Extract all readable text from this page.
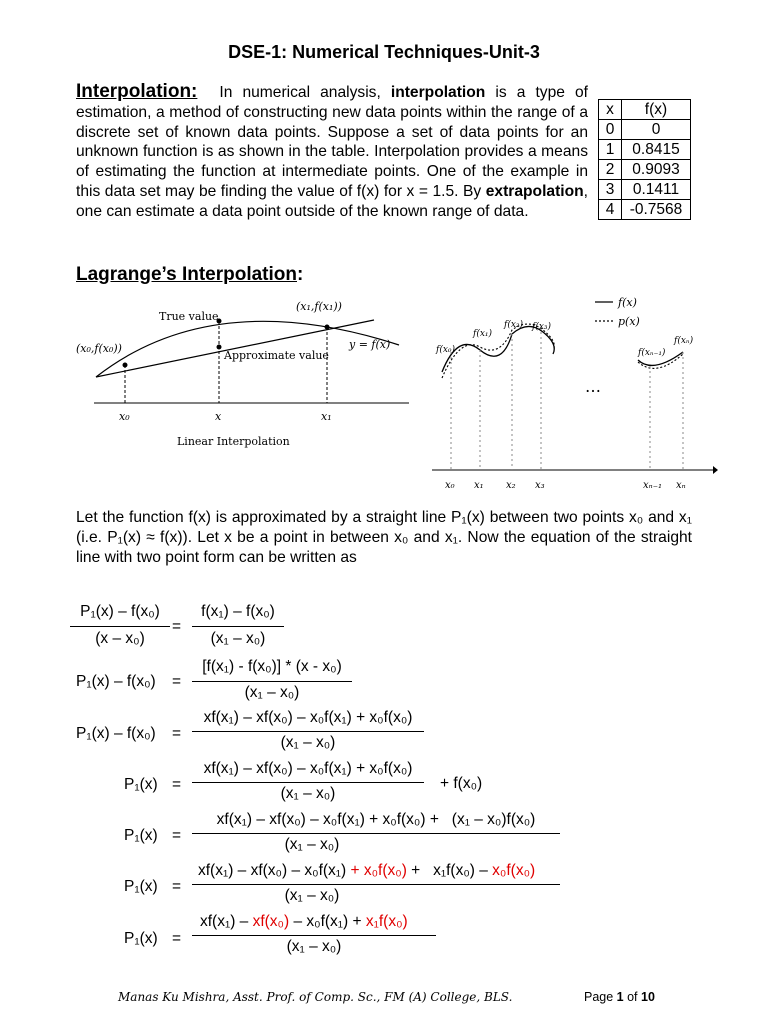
DSE-1: Numerical Techniques-Unit-3
Interpolation: In numerical analysis, interpolation is a type of estimation, a method of constructing new data points within the range of a discrete set of known data points. Suppose a set of data points for an unknown function is as shown in the table. Interpolation provides a means of estimating the function at intermediate points. One of the example in this data set may be finding the value of f(x) for x = 1.5. By extrapolation, one can estimate a data point outside of the known range of data.
x	f(x)
0	0
1	0.8415
2	0.9093
3	0.1411
4	-0.7568
Lagrange’s Interpolation:
True value
Approximate value
(x₀,f(x₀))
(x₁,f(x₁))
y = f(x)
x₀	x	x₁
Linear Interpolation
f(x)
p(x)
f(x₀)
f(x₁)
f(x₂) f(x₃)
f(xₙ₋₁)
f(xₙ)
…
x₀ x₁ x₂ x₃	xₙ₋₁ xₙ
Let the function f(x) is approximated by a straight line P₁(x) between two points x₀ and x₁ (i.e. P₁(x) ≈ f(x)). Let x be a point in between x₀ and x₁. Now the equation of the straight line with two point form can be written as
P₁(x) – f(x₀)
(x – x₀)
=
f(x₁) – f(x₀)
(x₁ – x₀)
P₁(x) – f(x₀) =
[f(x₁) - f(x₀)] * (x - x₀)
(x₁ – x₀)
P₁(x) – f(x₀) =
xf(x₁) – xf(x₀) – x₀f(x₁) + x₀f(x₀)
(x₁ – x₀)
P₁(x) =
xf(x₁) – xf(x₀) – x₀f(x₁) + x₀f(x₀)
(x₁ – x₀)
+ f(x₀)
P₁(x) =
xf(x₁) – xf(x₀) – x₀f(x₁) + x₀f(x₀) +   (x₁ – x₀)f(x₀)
(x₁ – x₀)
P₁(x) =
xf(x₁) – xf(x₀) – x₀f(x₁) + x₀f(x₀) +   x₁f(x₀) – x₀f(x₀)
(x₁ – x₀)
P₁(x) =
xf(x₁) – xf(x₀) – x₀f(x₁) + x₁f(x₀)
(x₁ – x₀)
Manas Ku Mishra, Asst. Prof. of Comp. Sc., FM (A) College, BLS.	Page 1 of 10
